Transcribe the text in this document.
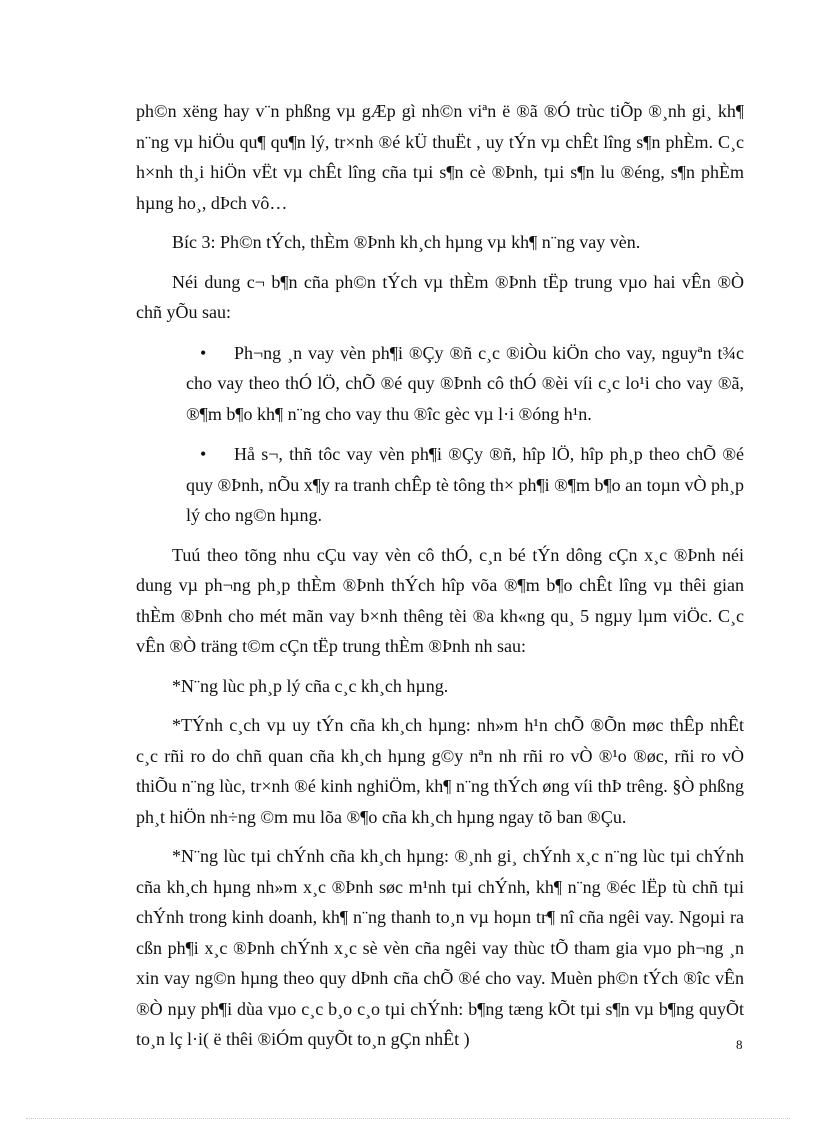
ph©n xëng hay v¨n phßng vµ gÆp gì nh©n viªn ë ®ã ®Ó trùc tiÕp ®¸nh gi¸ kh¶ n¨ng vµ hiÖu qu¶ qu¶n lý, tr×nh ®é kÜ thuËt , uy tÝn vµ chÊt lîng s¶n phÈm. C¸c h×nh th¸i hiÖn vËt vµ chÊt lîng cña tµi s¶n cè ®Þnh, tµi s¶n lu ®éng, s¶n phÈm hµng ho¸, dÞch vô…

Bíc 3: Ph©n tÝch, thÈm ®Þnh kh¸ch hµng vµ kh¶ n¨ng vay vèn.

Néi dung c¬ b¶n cña ph©n tÝch vµ thÈm ®Þnh tËp trung vµo hai vÊn ®Ò chñ yÕu sau:

• Ph¬ng ¸n vay vèn ph¶i ®Çy ®ñ c¸c ®iÒu kiÖn cho vay, nguyªn t¾c cho vay theo thÓ lÖ, chÕ ®é quy ®Þnh cô thÓ ®èi víi c¸c lo¹i cho vay ®ã, ®¶m b¶o kh¶ n¨ng cho vay thu ®îc gèc vµ l·i ®óng h¹n.

• Hå s¬, thñ tôc vay vèn ph¶i ®Çy ®ñ, hîp lÖ, hîp ph¸p theo chÕ ®é quy ®Þnh, nÕu x¶y ra tranh chÊp tè tông th× ph¶i ®¶m b¶o an toµn vÒ ph¸p lý cho ng©n hµng.

Tuú theo tõng nhu cÇu vay vèn cô thÓ, c¸n bé tÝn dông cÇn x¸c ®Þnh néi dung vµ ph¬ng ph¸p thÈm ®Þnh thÝch hîp võa ®¶m b¶o chÊt lîng vµ thêi gian thÈm ®Þnh cho mét mãn vay b×nh thêng tèi ®a kh«ng qu¸ 5 ngµy lµm viÖc. C¸c vÊn ®Ò träng t©m cÇn tËp trung thÈm ®Þnh nh sau:

*N¨ng lùc ph¸p lý cña c¸c kh¸ch hµng.

*TÝnh c¸ch vµ uy tÝn cña kh¸ch hµng: nh»m h¹n chÕ ®Õn møc thÊp nhÊt c¸c rñi ro do chñ quan cña kh¸ch hµng g©y nªn nh rñi ro vÒ ®¹o ®øc, rñi ro vÒ thiÕu n¨ng lùc, tr×nh ®é kinh nghiÖm, kh¶ n¨ng thÝch øng víi thÞ trêng. §Ò phßng ph¸t hiÖn nh÷ng ©m mu lõa ®¶o cña kh¸ch hµng ngay tõ ban ®Çu.

*N¨ng lùc tµi chÝnh cña kh¸ch hµng: ®¸nh gi¸ chÝnh x¸c n¨ng lùc tµi chÝnh cña kh¸ch hµng nh»m x¸c ®Þnh søc m¹nh tµi chÝnh, kh¶ n¨ng ®éc lËp tù chñ tµi chÝnh trong kinh doanh, kh¶ n¨ng thanh to¸n vµ hoµn tr¶ nî cña ngêi vay. Ngoµi ra cßn ph¶i x¸c ®Þnh chÝnh x¸c sè vèn cña ngêi vay thùc tÕ tham gia vµo ph¬ng ¸n xin vay ng©n hµng theo quy dÞnh cña chÕ ®é cho vay. Muèn ph©n tÝch ®îc vÊn ®Ò nµy ph¶i dùa vµo c¸c b¸o c¸o tµi chÝnh: b¶ng tæng kÕt tµi s¶n vµ b¶ng quyÕt to¸n lç l·i( ë thêi ®iÓm quyÕt to¸n gÇn nhÊt )	8
